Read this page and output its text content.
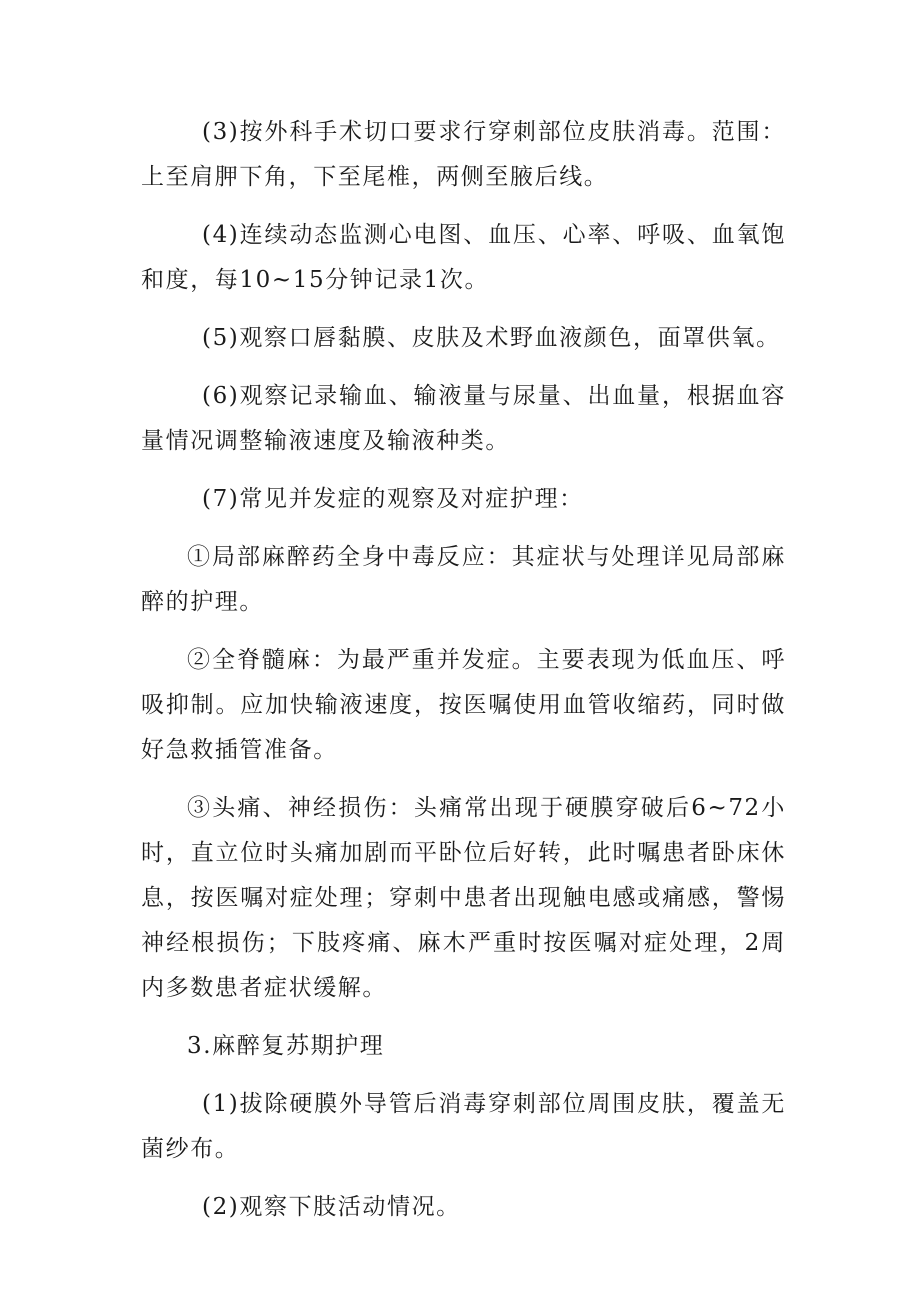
(3)按外科手术切口要求行穿刺部位皮肤消毒。范围：上至肩胛下角，下至尾椎，两侧至腋后线。

(4)连续动态监测心电图、血压、心率、呼吸、血氧饱和度，每10~15分钟记录1次。

(5)观察口唇黏膜、皮肤及术野血液颜色，面罩供氧。

(6)观察记录输血、输液量与尿量、出血量，根据血容量情况调整输液速度及输液种类。

(7)常见并发症的观察及对症护理：

①局部麻醉药全身中毒反应：其症状与处理详见局部麻醉的护理。

②全脊髓麻：为最严重并发症。主要表现为低血压、呼吸抑制。应加快输液速度，按医嘱使用血管收缩药，同时做好急救插管准备。

③头痛、神经损伤：头痛常出现于硬膜穿破后6~72小时，直立位时头痛加剧而平卧位后好转，此时嘱患者卧床休息，按医嘱对症处理；穿刺中患者出现触电感或痛感，警惕神经根损伤；下肢疼痛、麻木严重时按医嘱对症处理，2周内多数患者症状缓解。

3.麻醉复苏期护理

(1)拔除硬膜外导管后消毒穿刺部位周围皮肤，覆盖无菌纱布。

(2)观察下肢活动情况。
